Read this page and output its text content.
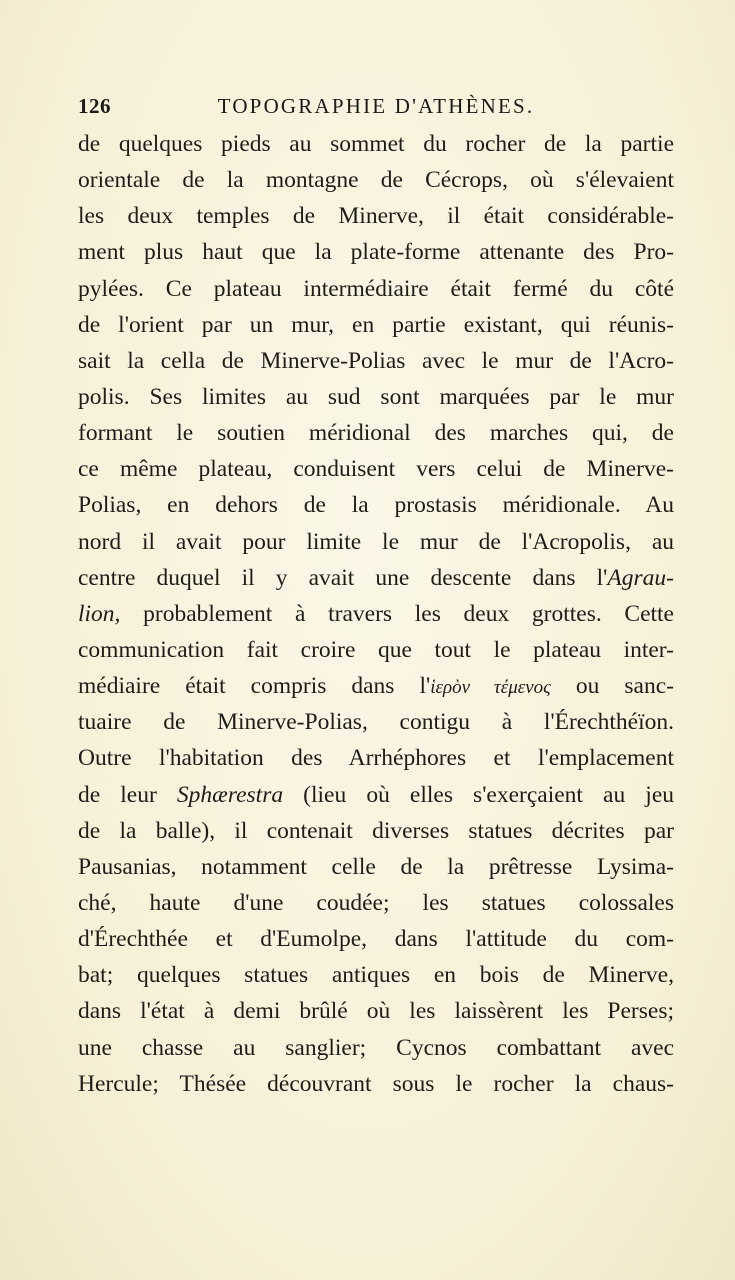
126	TOPOGRAPHIE D'ATHÈNES.
de quelques pieds au sommet du rocher de la partie
orientale de la montagne de Cécrops, où s'élevaient
les deux temples de Minerve, il était considérable-
ment plus haut que la plate-forme attenante des Pro-
pylées. Ce plateau intermédiaire était fermé du côté
de l'orient par un mur, en partie existant, qui réunis-
sait la cella de Minerve-Polias avec le mur de l'Acro-
polis. Ses limites au sud sont marquées par le mur
formant le soutien méridional des marches qui, de
ce même plateau, conduisent vers celui de Minerve-
Polias, en dehors de la prostasis méridionale. Au
nord il avait pour limite le mur de l'Acropolis, au
centre duquel il y avait une descente dans l'Agrau-
lion, probablement à travers les deux grottes. Cette
communication fait croire que tout le plateau inter-
médiaire était compris dans l'ἱερὸν τέμενος ou sanc-
tuaire de Minerve-Polias, contigu à l'Érechthéïon.
Outre l'habitation des Arrhéphores et l'emplacement
de leur Sphærestra (lieu où elles s'exerçaient au jeu
de la balle), il contenait diverses statues décrites par
Pausanias, notamment celle de la prêtresse Lysima-
ché, haute d'une coudée; les statues colossales
d'Érechthée et d'Eumolpe, dans l'attitude du com-
bat; quelques statues antiques en bois de Minerve,
dans l'état à demi brûlé où les laissèrent les Perses;
une chasse au sanglier; Cycnos combattant avec
Hercule; Thésée découvrant sous le rocher la chaus-
